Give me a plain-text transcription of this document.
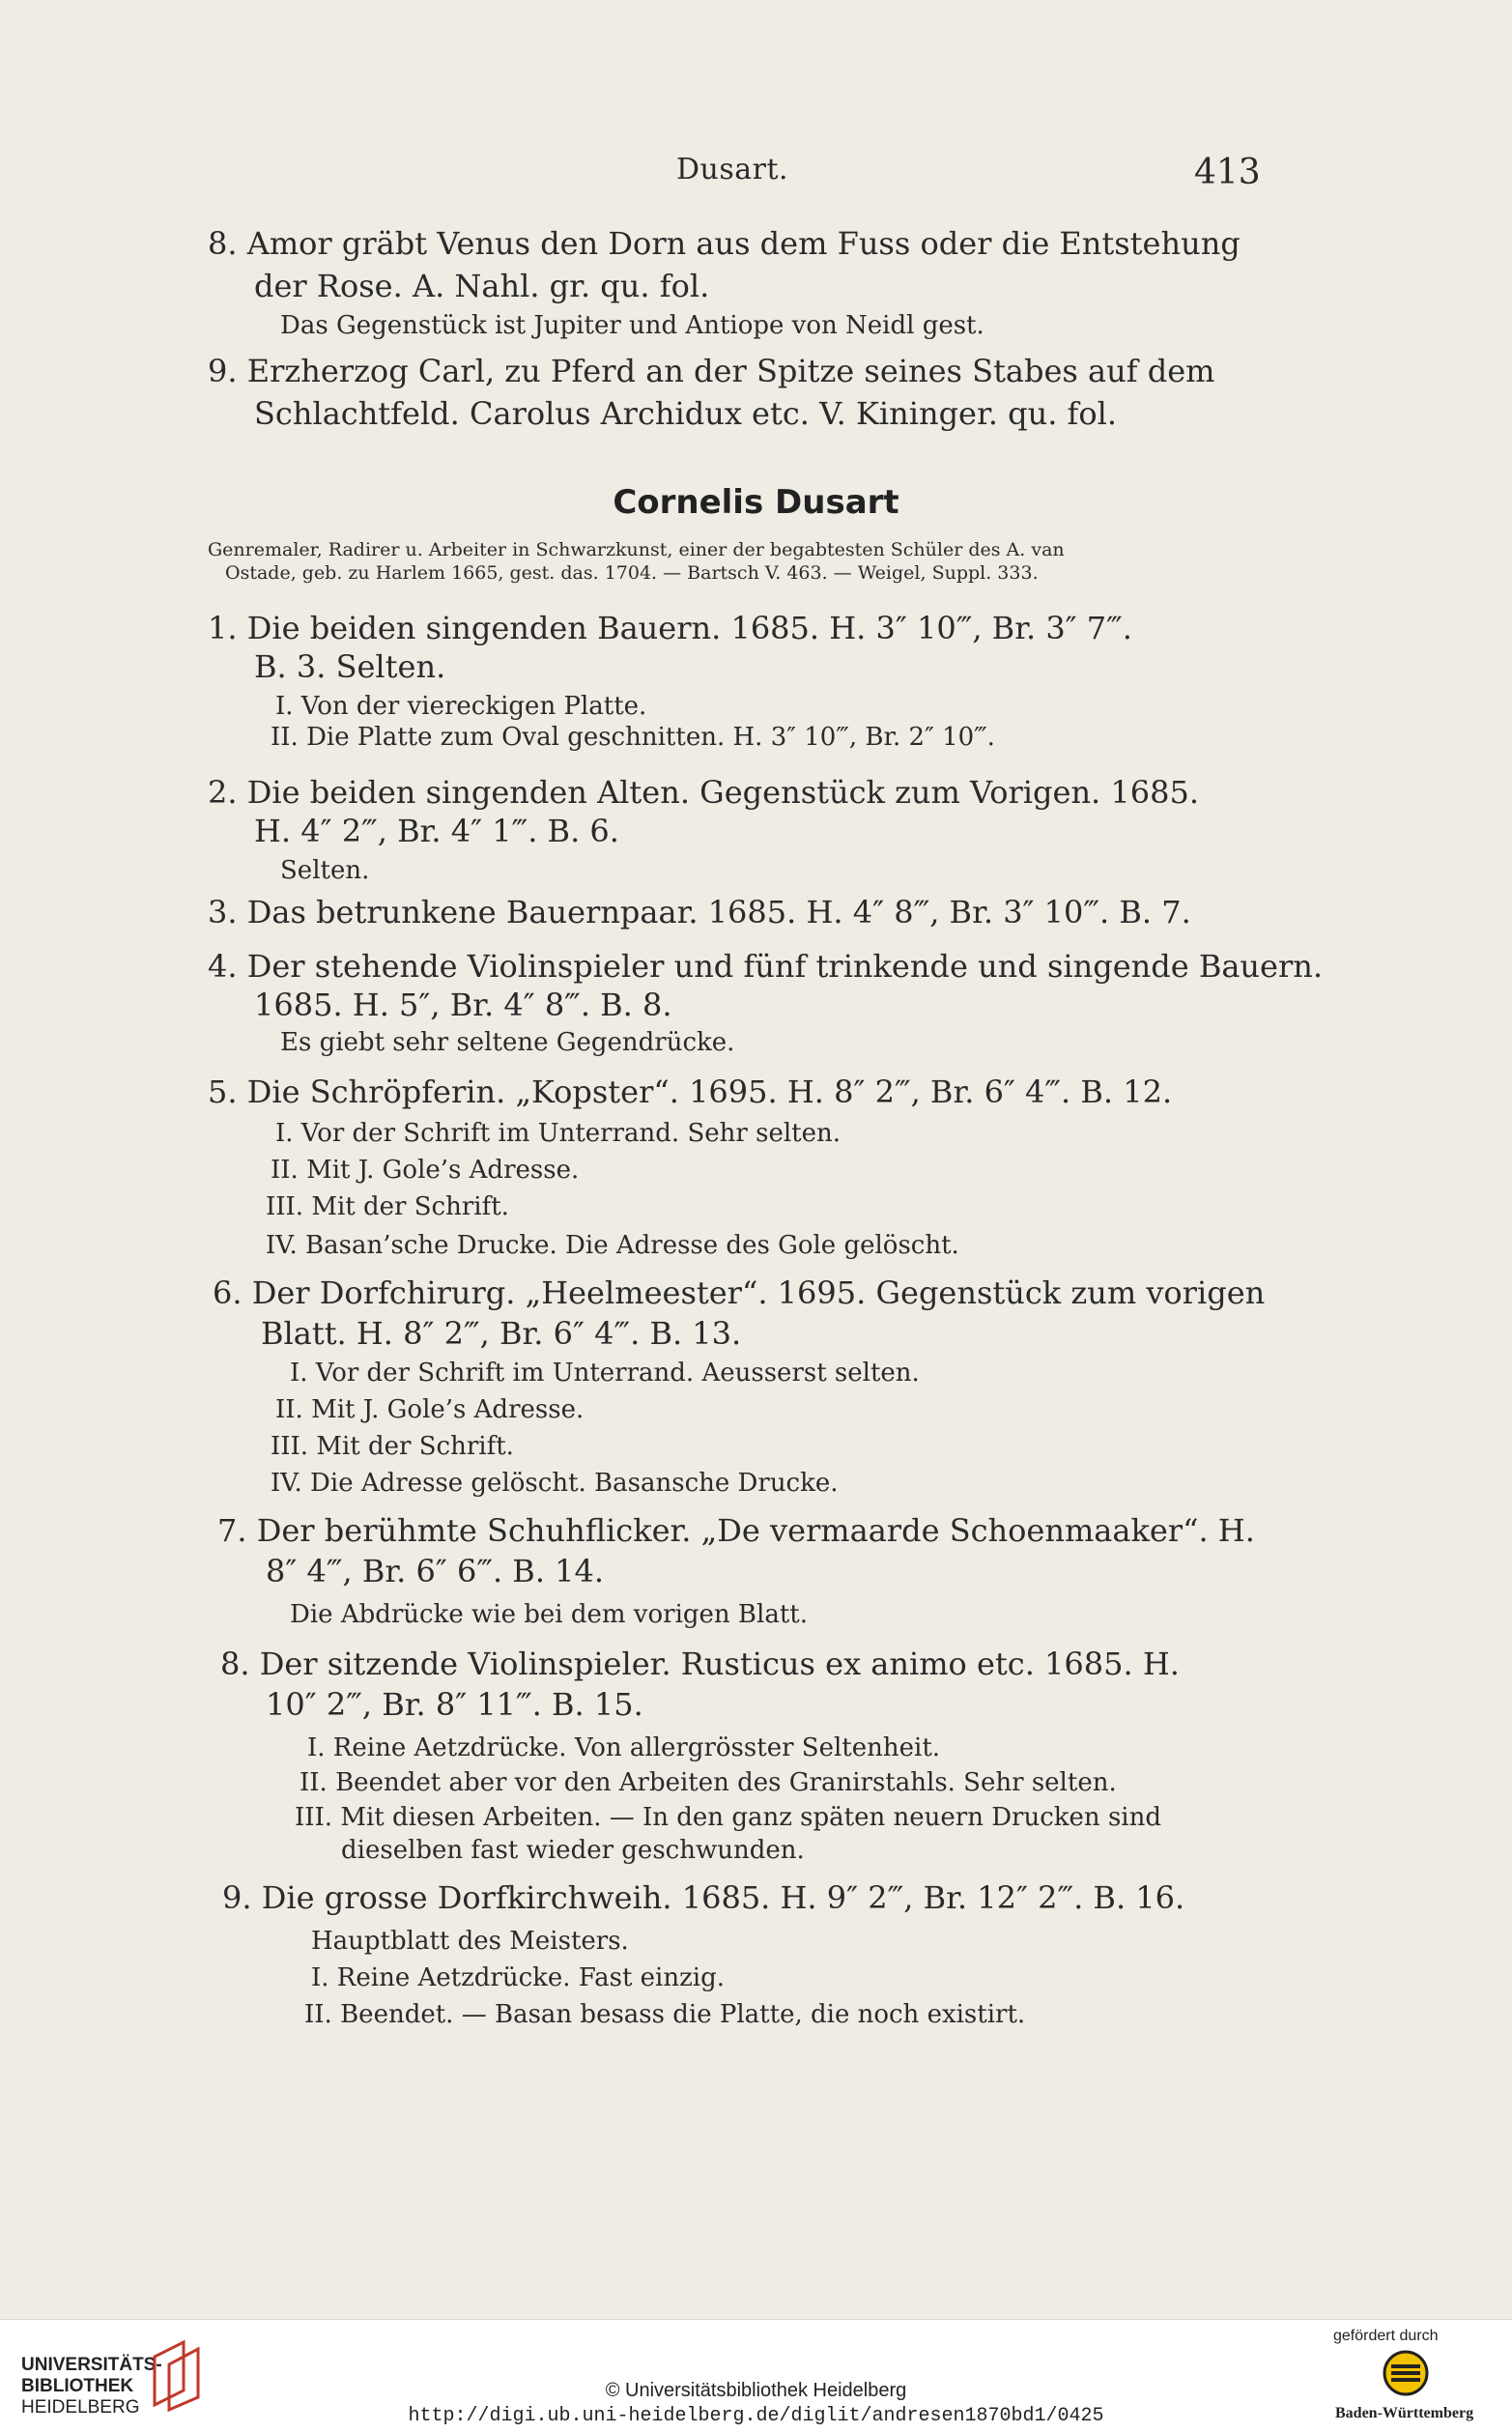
Dusart.	413
Cornelis Dusart
8. Amor gräbt Venus den Dorn aus dem Fuss oder die Entstehung
der Rose. A. Nahl. gr. qu. fol.
Das Gegenstück ist Jupiter und Antiope von Neidl gest.
9. Erzherzog Carl, zu Pferd an der Spitze seines Stabes auf dem
Schlachtfeld. Carolus Archidux etc. V. Kininger. qu. fol.
Genremaler, Radirer u. Arbeiter in Schwarzkunst, einer der begabtesten Schüler des A. van
Ostade, geb. zu Harlem 1665, gest. das. 1704. — Bartsch V. 463. — Weigel, Suppl. 333.
1. Die beiden singenden Bauern. 1685. H. 3″ 10‴, Br. 3″ 7‴.
B. 3. Selten.
I. Von der viereckigen Platte.
II. Die Platte zum Oval geschnitten. H. 3″ 10‴, Br. 2″ 10‴.
2. Die beiden singenden Alten. Gegenstück zum Vorigen. 1685.
H. 4″ 2‴, Br. 4″ 1‴. B. 6.
Selten.
3. Das betrunkene Bauernpaar. 1685. H. 4″ 8‴, Br. 3″ 10‴. B. 7.
4. Der stehende Violinspieler und fünf trinkende und singende Bauern.
1685. H. 5″, Br. 4″ 8‴. B. 8.
Es giebt sehr seltene Gegendrücke.
5. Die Schröpferin. „Kopster“. 1695. H. 8″ 2‴, Br. 6″ 4‴. B. 12.
I. Vor der Schrift im Unterrand. Sehr selten.
II. Mit J. Gole’s Adresse.
III. Mit der Schrift.
IV. Basan’sche Drucke. Die Adresse des Gole gelöscht.
6. Der Dorfchirurg. „Heelmeester“. 1695. Gegenstück zum vorigen
Blatt. H. 8″ 2‴, Br. 6″ 4‴. B. 13.
I. Vor der Schrift im Unterrand. Aeusserst selten.
II. Mit J. Gole’s Adresse.
III. Mit der Schrift.
IV. Die Adresse gelöscht. Basansche Drucke.
7. Der berühmte Schuhflicker. „De vermaarde Schoenmaaker“. H.
8″ 4‴, Br. 6″ 6‴. B. 14.
Die Abdrücke wie bei dem vorigen Blatt.
8. Der sitzende Violinspieler. Rusticus ex animo etc. 1685. H.
10″ 2‴, Br. 8″ 11‴. B. 15.
I. Reine Aetzdrücke. Von allergrösster Seltenheit.
II. Beendet aber vor den Arbeiten des Granirstahls. Sehr selten.
III. Mit diesen Arbeiten. — In den ganz späten neuern Drucken sind
dieselben fast wieder geschwunden.
9. Die grosse Dorfkirchweih. 1685. H. 9″ 2‴, Br. 12″ 2‴. B. 16.
Hauptblatt des Meisters.
I. Reine Aetzdrücke. Fast einzig.
II. Beendet. — Basan besass die Platte, die noch existirt.
UNIVERSITÄTS-
BIBLIOTHEK
HEIDELBERG
© Universitätsbibliothek Heidelberg
http://digi.ub.uni-heidelberg.de/diglit/andresen1870bd1/0425
gefördert durch
Baden-Württemberg
